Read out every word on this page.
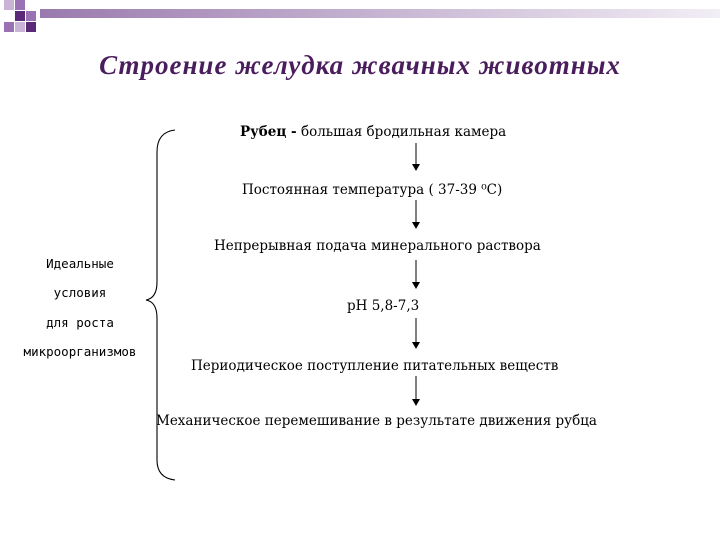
Строение желудка жвачных животных
Рубец - большая бродильная камера
Постоянная температура ( 37-39 ⁰С)
Непрерывная подача минерального раствора
рН 5,8-7,3
Периодическое поступление питательных веществ
Механическое перемешивание в результате движения рубца
Идеальные
условия
для роста
микроорганизмов
